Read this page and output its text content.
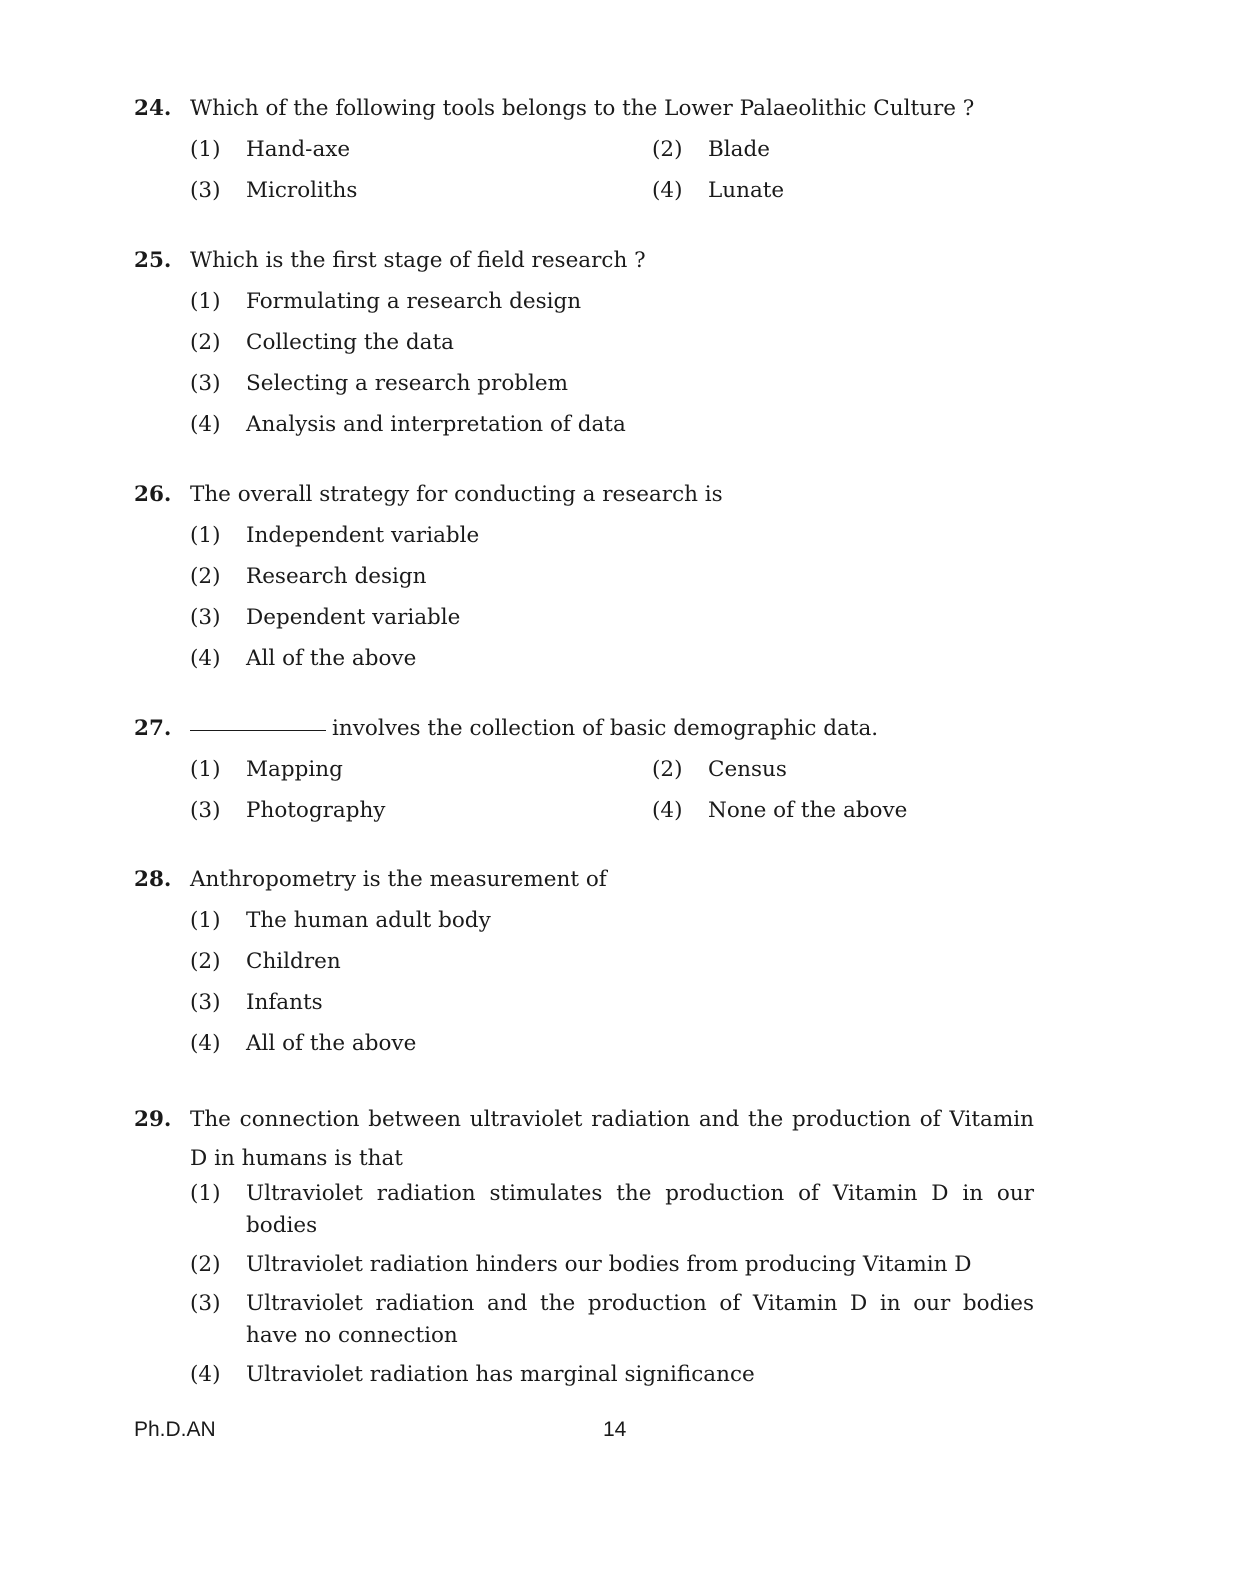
24. Which of the following tools belongs to the Lower Palaeolithic Culture ?
(1)	Hand-axe	(2)	Blade
(3)	Microliths	(4)	Lunate
25. Which is the first stage of field research ?
(1)	Formulating a research design
(2)	Collecting the data
(3)	Selecting a research problem
(4)	Analysis and interpretation of data
26. The overall strategy for conducting a research is
(1)	Independent variable
(2)	Research design
(3)	Dependent variable
(4)	All of the above
27.	involves the collection of basic demographic data.
(1)	Mapping	(2)	Census
(3)	Photography	(4)	None of the above
28. Anthropometry is the measurement of
(1)	The human adult body
(2)	Children
(3)	Infants
(4)	All of the above
29. The connection between ultraviolet radiation and the production of Vitamin D in humans is that
(1)	Ultraviolet radiation stimulates the production of Vitamin D in our bodies
(2)	Ultraviolet radiation hinders our bodies from producing Vitamin D
(3)	Ultraviolet radiation and the production of Vitamin D in our bodies have no connection
(4)	Ultraviolet radiation has marginal significance
Ph.D.AN	14
